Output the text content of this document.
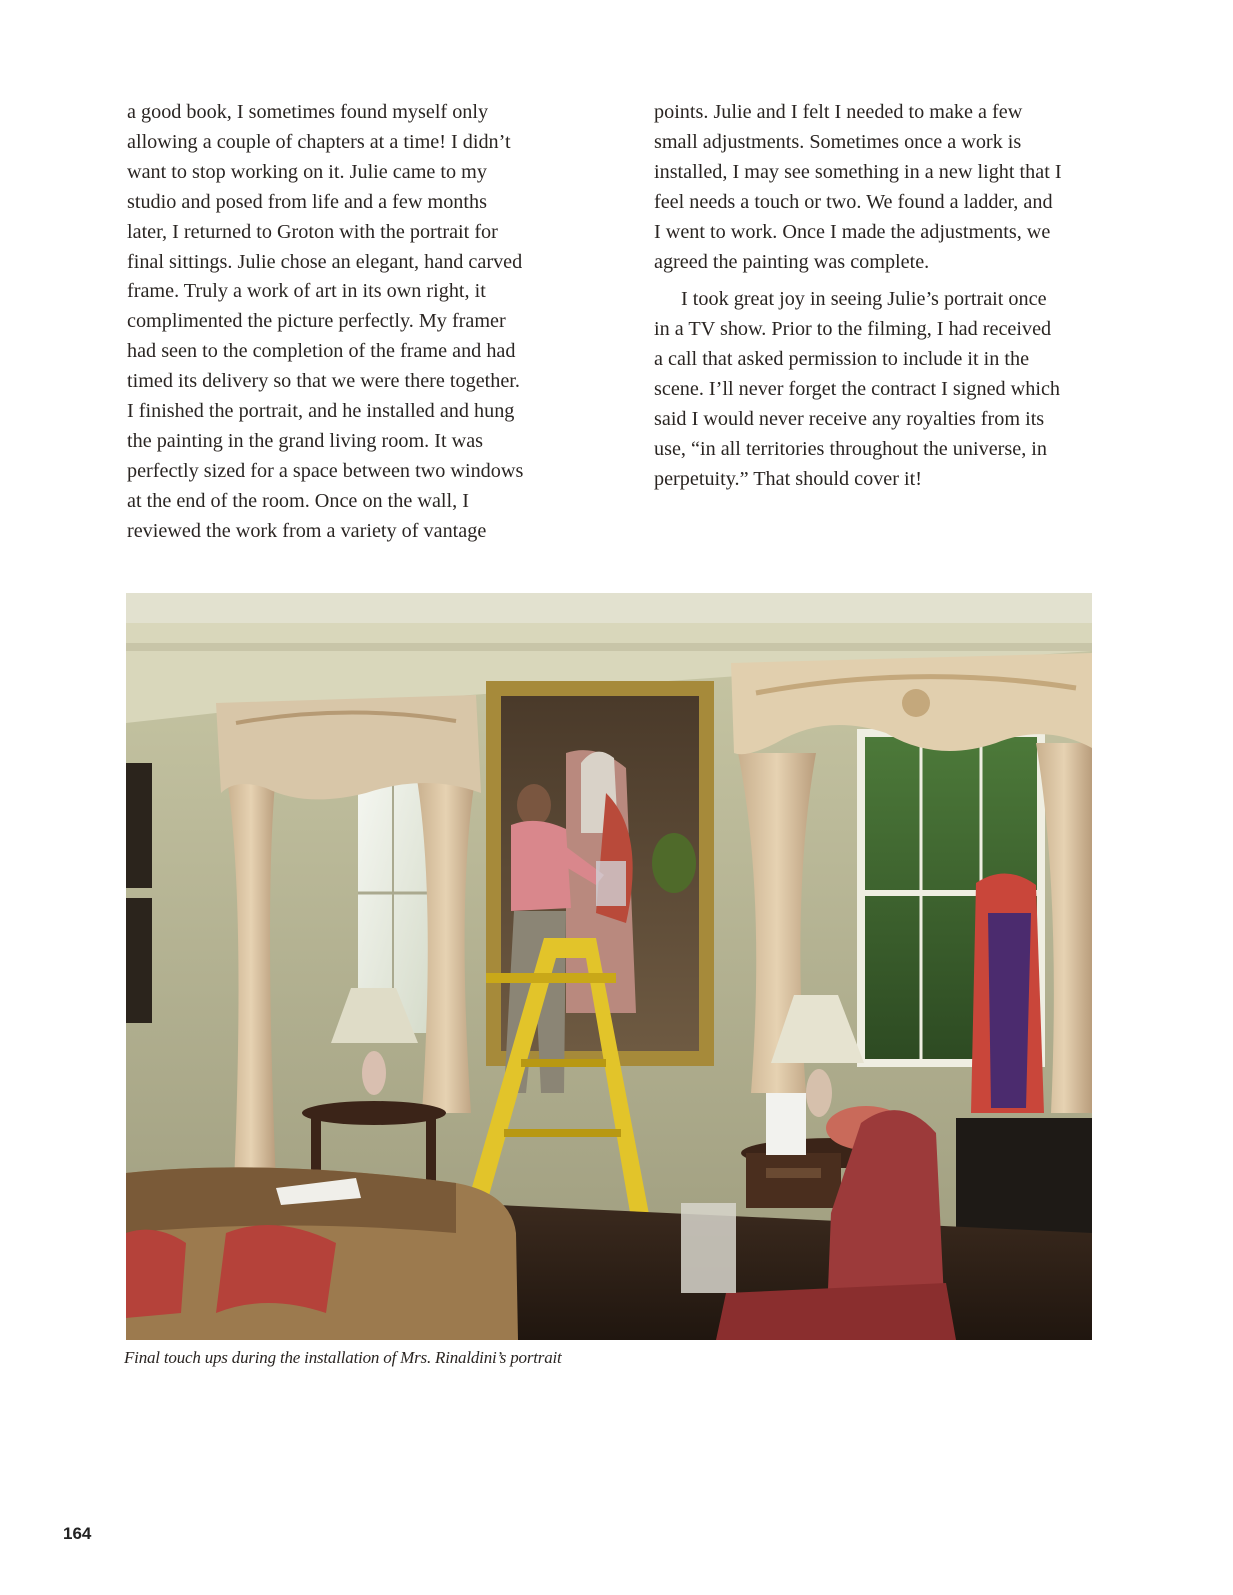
a good book, I sometimes found myself only
allowing a couple of chapters at a time! I didn’t
want to stop working on it. Julie came to my
studio and posed from life and a few months
later, I returned to Groton with the portrait for
final sittings. Julie chose an elegant, hand carved
frame. Truly a work of art in its own right, it
complimented the picture perfectly. My framer
had seen to the completion of the frame and had
timed its delivery so that we were there together.
I finished the portrait, and he installed and hung
the painting in the grand living room. It was
perfectly sized for a space between two windows
at the end of the room. Once on the wall, I
reviewed the work from a variety of vantage
points. Julie and I felt I needed to make a few
small adjustments. Sometimes once a work is
installed, I may see something in a new light that I
feel needs a touch or two. We found a ladder, and
I went to work. Once I made the adjustments, we
agreed the painting was complete.
I took great joy in seeing Julie’s portrait once
in a TV show. Prior to the filming, I had received
a call that asked permission to include it in the
scene. I’ll never forget the contract I signed which
said I would never receive any royalties from its
use, “in all territories throughout the universe, in
perpetuity.” That should cover it!
Final touch ups during the installation of Mrs. Rinaldini’s portrait
164
